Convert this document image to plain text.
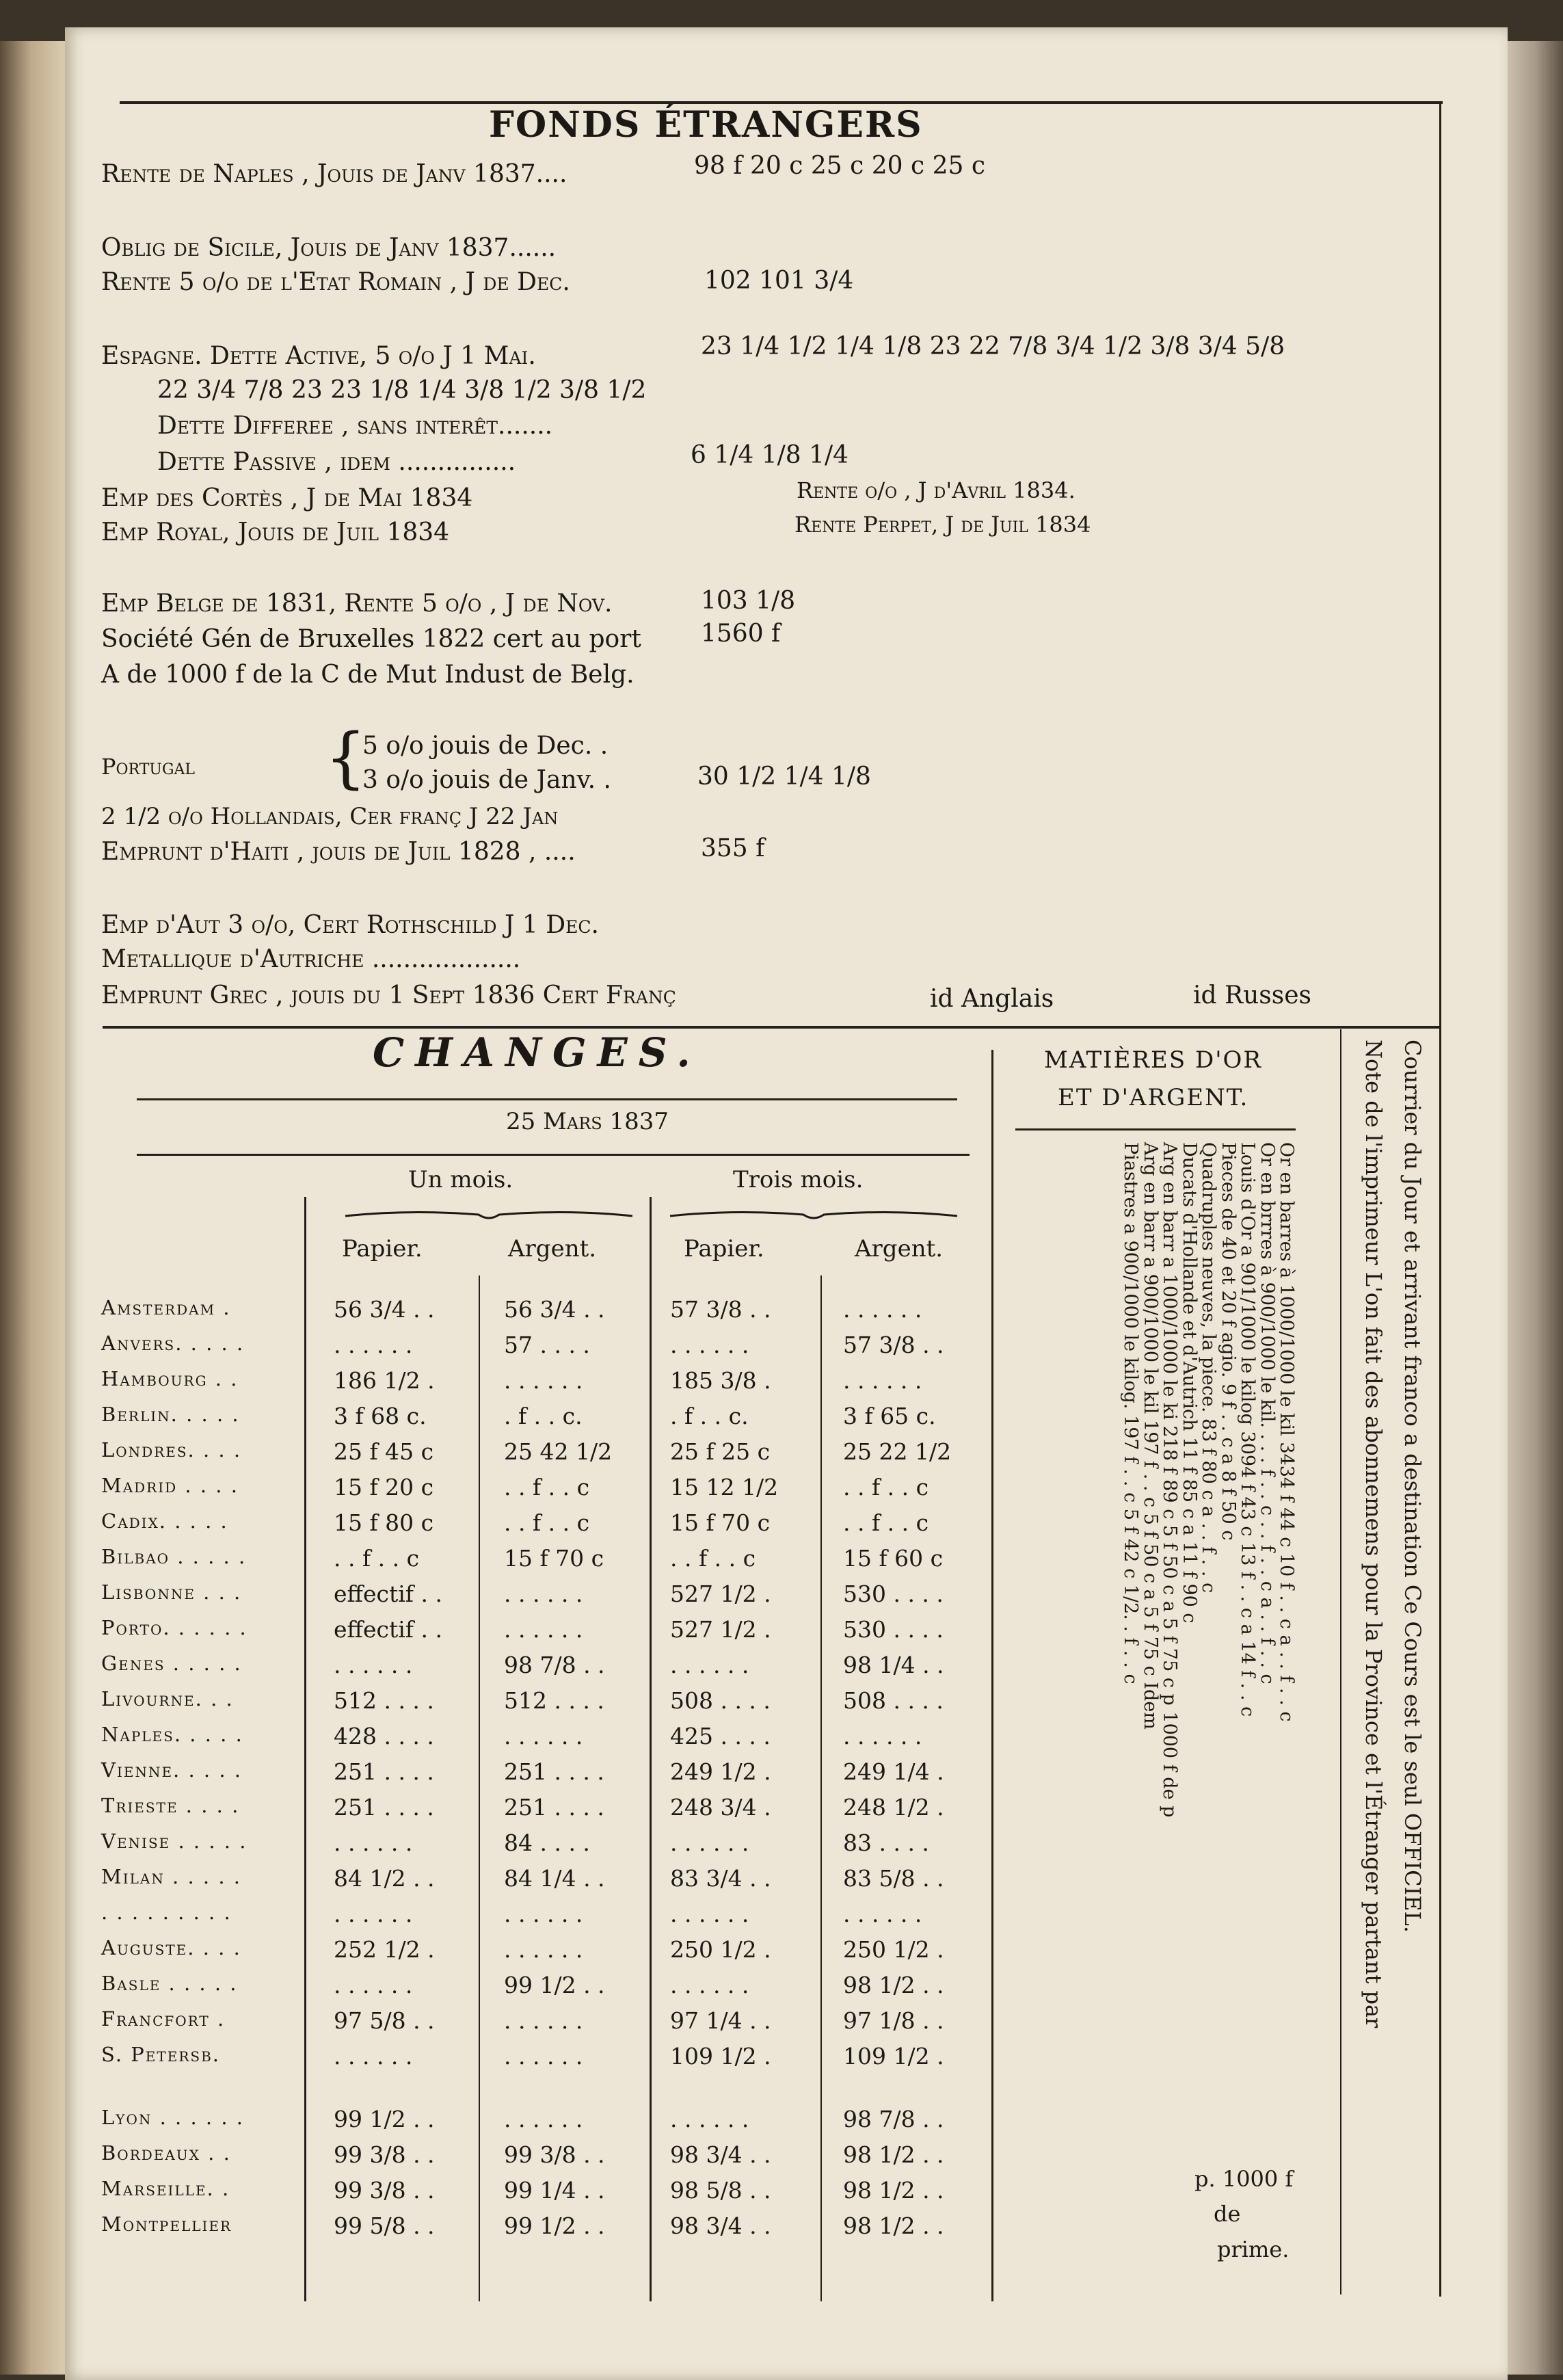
FONDS ÉTRANGERS
Rente de Naples , Jouis de Janv 1837....	98 f 20 c 25 c 20 c 25 c
Oblig de Sicile, Jouis de Janv 1837......
Rente 5 o/o de l'Etat Romain , J de Dec.	102 101 3/4
Espagne. Dette Active, 5 o/o J 1 Mai.	23 1/4 1/2 1/4 1/8 23 22 7/8 3/4 1/2 3/8 3/4 5/8
22 3/4 7/8 23 23 1/8 1/4 3/8 1/2 3/8 1/2
Dette Differee , sans interêt.......
Dette Passive , idem ...............	6 1/4 1/8 1/4
Emp des Cortès , J de Mai 1834	Rente o/o , J d'Avril 1834.
Emp Royal, Jouis de Juil 1834	Rente Perpet, J de Juil 1834
Emp Belge de 1831, Rente 5 o/o , J de Nov.	103 1/8
Société Gén de Bruxelles 1822 cert au port 1560 f
A de 1000 f de la C de Mut Indust de Belg.
Portugal {
5 o/o jouis de Dec. .
3 o/o jouis de Janv. .	30 1/2 1/4 1/8
2 1/2 o/o Hollandais, Cer franç J 22 Jan
Emprunt d'Haiti , jouis de Juil 1828 , ....	355 f
Emp d'Aut 3 o/o, Cert Rothschild J 1 Dec.
Metallique d'Autriche ...................
Emprunt Grec , jouis du 1 Sept 1836 Cert Franç	id Anglais	id Russes
CHANGES.
25 Mars 1837
Un mois.	Trois mois.
Papier.	Argent.	Papier.	Argent.
Amsterdam .	56 3/4 . .	56 3/4 . .	57 3/8 . .	. . . . . .
Anvers. . . . .	. . . . . .	57 . . . .	. . . . . .	57 3/8 . .
Hambourg . .	186 1/2 .	. . . . . .	185 3/8 .	. . . . . .
Berlin. . . . .	3 f 68 c.	. f . . c.	. f . . c.	3 f 65 c.
Londres. . . .	25 f 45 c	25 42 1/2	25 f 25 c	25 22 1/2
Madrid . . . .	15 f 20 c	. . f . . c	15 12 1/2	. . f . . c
Cadix. . . . .	15 f 80 c	. . f . . c	15 f 70 c	. . f . . c
Bilbao . . . . .	. . f . . c	15 f 70 c	. . f . . c	15 f 60 c
Lisbonne . . .	effectif . .	. . . . . .	527 1/2 .	530 . . . .
Porto. . . . . .	effectif . .	. . . . . .	527 1/2 .	530 . . . .
Genes . . . . .	. . . . . .	98 7/8 . .	. . . . . .	98 1/4 . .
Livourne. . .	512 . . . .	512 . . . .	508 . . . .	508 . . . .
Naples. . . . .	428 . . . .	. . . . . .	425 . . . .	. . . . . .
Vienne. . . . .	251 . . . .	251 . . . .	249 1/2 .	249 1/4 .
Trieste . . . .	251 . . . .	251 . . . .	248 3/4 .	248 1/2 .
Venise . . . . .	. . . . . .	84 . . . .	. . . . . .	83 . . . .
Milan . . . . .	84 1/2 . .	84 1/4 . .	83 3/4 . .	83 5/8 . .
. . . . . . . . .	. . . . . .	. . . . . .	. . . . . .	. . . . . .
Auguste. . . .	252 1/2 .	. . . . . .	250 1/2 .	250 1/2 .
Basle . . . . .	. . . . . .	99 1/2 . .	. . . . . .	98 1/2 . .
Francfort .	97 5/8 . .	. . . . . .	97 1/4 . .	97 1/8 . .
S. Petersb.	. . . . . .	. . . . . .	109 1/2 .	109 1/2 .
Lyon . . . . . .	99 1/2 . .	. . . . . .	. . . . . .	98 7/8 . .
Bordeaux . .	99 3/8 . .	99 3/8 . .	98 3/4 . .	98 1/2 . .
Marseille. .	99 3/8 . .	99 1/4 . .	98 5/8 . .	98 1/2 . .
Montpellier	99 5/8 . .	99 1/2 . .	98 3/4 . .	98 1/2 . .
MATIÈRES D'OR
ET D'ARGENT.
Or en barres à 1000/1000 le kil 3434 f 44 c 10 f . . c a . . f . . c
Or en brrres à 900/1000 le kil. . . . f . . c . . f . . c a . . f . . c
Louis d'Or a 901/1000 le kilog 3094 f 43 c 13 f . . c a 14 f . . c
Pieces de 40 et 20 f agio. 9 f . . c a 8 f 50 c
Quadruples neuves, la piece. 83 f 80 c a . . f . . c
Ducats d'Hollande et d'Autrich 11 f 85 c a 11 f 90 c
Arg en barr a 1000/1000 le ki 218 f 89 c 5 f 50 c a 5 f 75 c p 1000 f de p
Arg en barr a 900/1000 le kil 197 f . . c 5 f 50 c a 5 f 75 c Idem
Piastres a 900/1000 le kilog. 197 f . . c 5 f 42 c 1/2. . f . . c
p. 1000 f
de
prime.
Note de l'imprimeur L'on fait des abonnemens pour la Province et l'Étranger partant par Courrier du Jour et arrivant franco a destination Ce Cours est le seul OFFICIEL.
